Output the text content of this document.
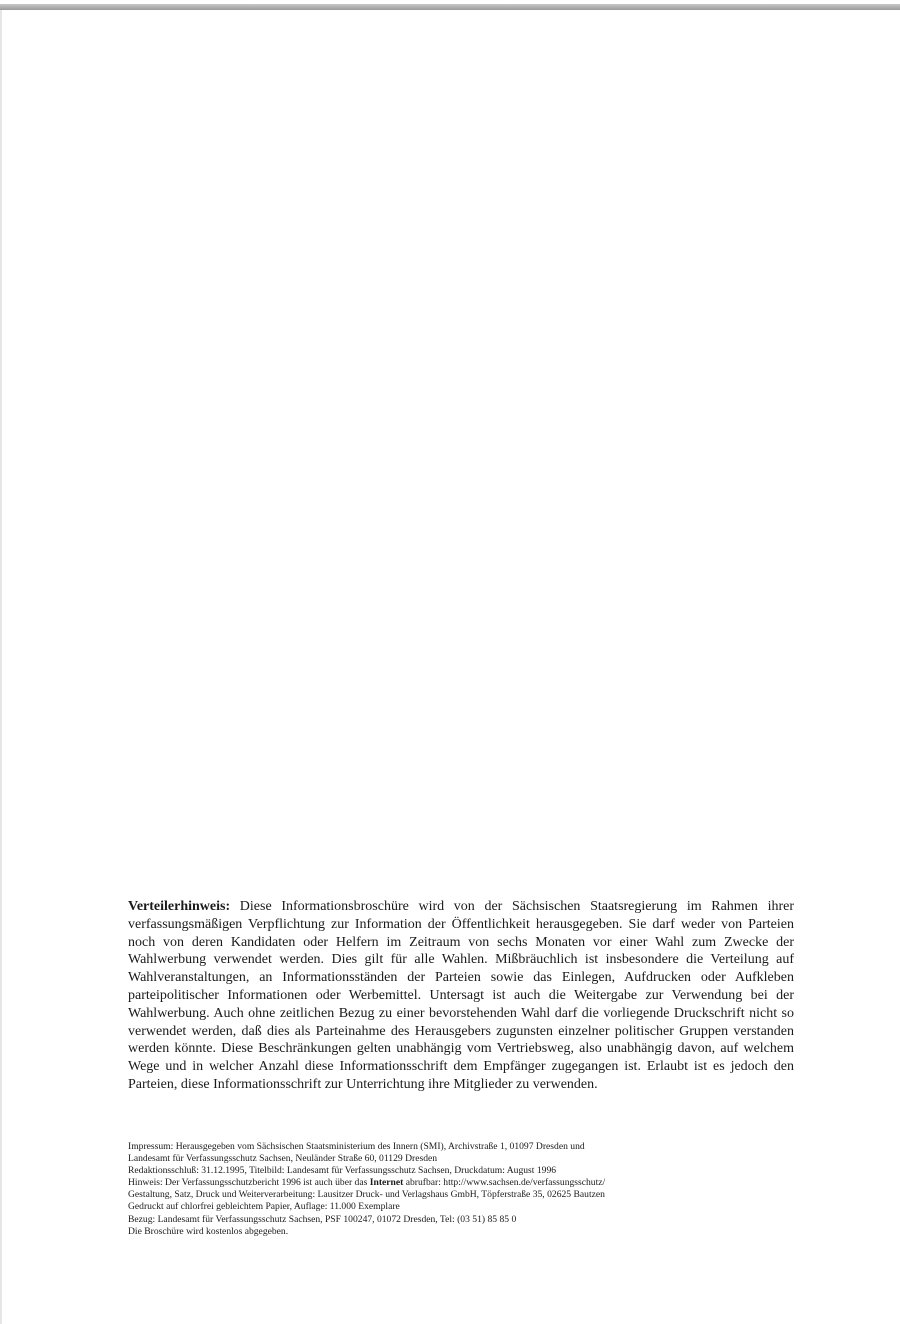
Verteilerhinweis: Diese Informationsbroschüre wird von der Sächsischen Staatsregierung im Rahmen ihrer verfassungsmäßigen Verpflichtung zur Information der Öffentlichkeit herausgegeben. Sie darf weder von Parteien noch von deren Kandidaten oder Helfern im Zeitraum von sechs Monaten vor einer Wahl zum Zwecke der Wahlwerbung verwendet werden. Dies gilt für alle Wahlen. Mißbräuchlich ist insbesondere die Verteilung auf Wahlveranstaltungen, an Informationsständen der Parteien sowie das Einlegen, Aufdrucken oder Aufkleben parteipolitischer Informationen oder Werbemittel. Untersagt ist auch die Weitergabe zur Verwendung bei der Wahlwerbung. Auch ohne zeitlichen Bezug zu einer bevorstehenden Wahl darf die vorliegende Druckschrift nicht so verwendet werden, daß dies als Parteinahme des Herausgebers zugunsten einzelner politischer Gruppen verstanden werden könnte. Diese Beschränkungen gelten unabhängig vom Vertriebsweg, also unabhängig davon, auf welchem Wege und in welcher Anzahl diese Informationsschrift dem Empfänger zugegangen ist. Erlaubt ist es jedoch den Parteien, diese Informationsschrift zur Unterrichtung ihre Mitglieder zu verwenden.

Impressum: Herausgegeben vom Sächsischen Staatsministerium des Innern (SMI), Archivstraße 1, 01097 Dresden und
Landesamt für Verfassungsschutz Sachsen, Neuländer Straße 60, 01129 Dresden
Redaktionsschluß: 31.12.1995, Titelbild: Landesamt für Verfassungsschutz Sachsen, Druckdatum: August 1996
Hinweis: Der Verfassungsschutzbericht 1996 ist auch über das Internet abrufbar: http://www.sachsen.de/verfassungsschutz/
Gestaltung, Satz, Druck und Weiterverarbeitung: Lausitzer Druck- und Verlagshaus GmbH, Töpferstraße 35, 02625 Bautzen
Gedruckt auf chlorfrei gebleichtem Papier, Auflage: 11.000 Exemplare
Bezug: Landesamt für Verfassungsschutz Sachsen, PSF 100247, 01072 Dresden, Tel: (03 51) 85 85 0
Die Broschüre wird kostenlos abgegeben.
